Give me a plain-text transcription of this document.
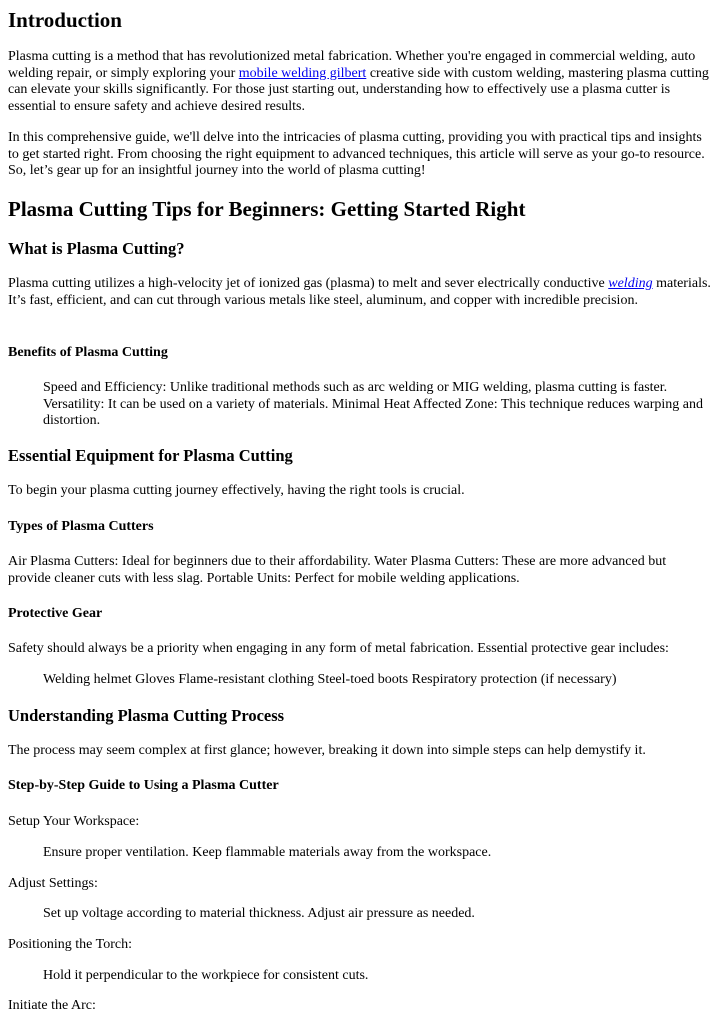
Introduction

Plasma cutting is a method that has revolutionized metal fabrication. Whether you're engaged in commercial welding, auto welding repair, or simply exploring your mobile welding gilbert creative side with custom welding, mastering plasma cutting can elevate your skills significantly. For those just starting out, understanding how to effectively use a plasma cutter is essential to ensure safety and achieve desired results.

In this comprehensive guide, we'll delve into the intricacies of plasma cutting, providing you with practical tips and insights to get started right. From choosing the right equipment to advanced techniques, this article will serve as your go-to resource. So, let’s gear up for an insightful journey into the world of plasma cutting!

Plasma Cutting Tips for Beginners: Getting Started Right
What is Plasma Cutting?

Plasma cutting utilizes a high-velocity jet of ionized gas (plasma) to melt and sever electrically conductive welding materials. It’s fast, efficient, and can cut through various metals like steel, aluminum, and copper with incredible precision.

Benefits of Plasma Cutting

Speed and Efficiency: Unlike traditional methods such as arc welding or MIG welding, plasma cutting is faster. Versatility: It can be used on a variety of materials. Minimal Heat Affected Zone: This technique reduces warping and distortion.

Essential Equipment for Plasma Cutting

To begin your plasma cutting journey effectively, having the right tools is crucial.

Types of Plasma Cutters

Air Plasma Cutters: Ideal for beginners due to their affordability. Water Plasma Cutters: These are more advanced but provide cleaner cuts with less slag. Portable Units: Perfect for mobile welding applications.

Protective Gear

Safety should always be a priority when engaging in any form of metal fabrication. Essential protective gear includes:

Welding helmet Gloves Flame-resistant clothing Steel-toed boots Respiratory protection (if necessary)

Understanding Plasma Cutting Process

The process may seem complex at first glance; however, breaking it down into simple steps can help demystify it.

Step-by-Step Guide to Using a Plasma Cutter

Setup Your Workspace:

Ensure proper ventilation. Keep flammable materials away from the workspace.

Adjust Settings:

Set up voltage according to material thickness. Adjust air pressure as needed.

Positioning the Torch:

Hold it perpendicular to the workpiece for consistent cuts.

Initiate the Arc:
